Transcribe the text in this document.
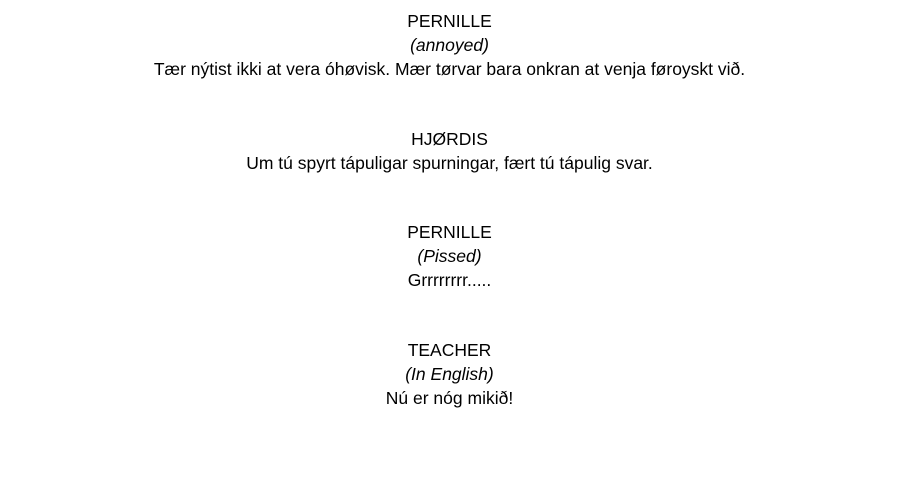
PERNILLE
(annoyed)
Tær nýtist ikki at vera óhøvisk. Mær tørvar bara onkran at venja føroyskt við.
HJØRDIS
Um tú spyrt tápuligar spurningar, fært tú tápulig svar.
PERNILLE
(Pissed)
Grrrrrrrr.....
TEACHER
(In English)
Nú er nóg mikið!
